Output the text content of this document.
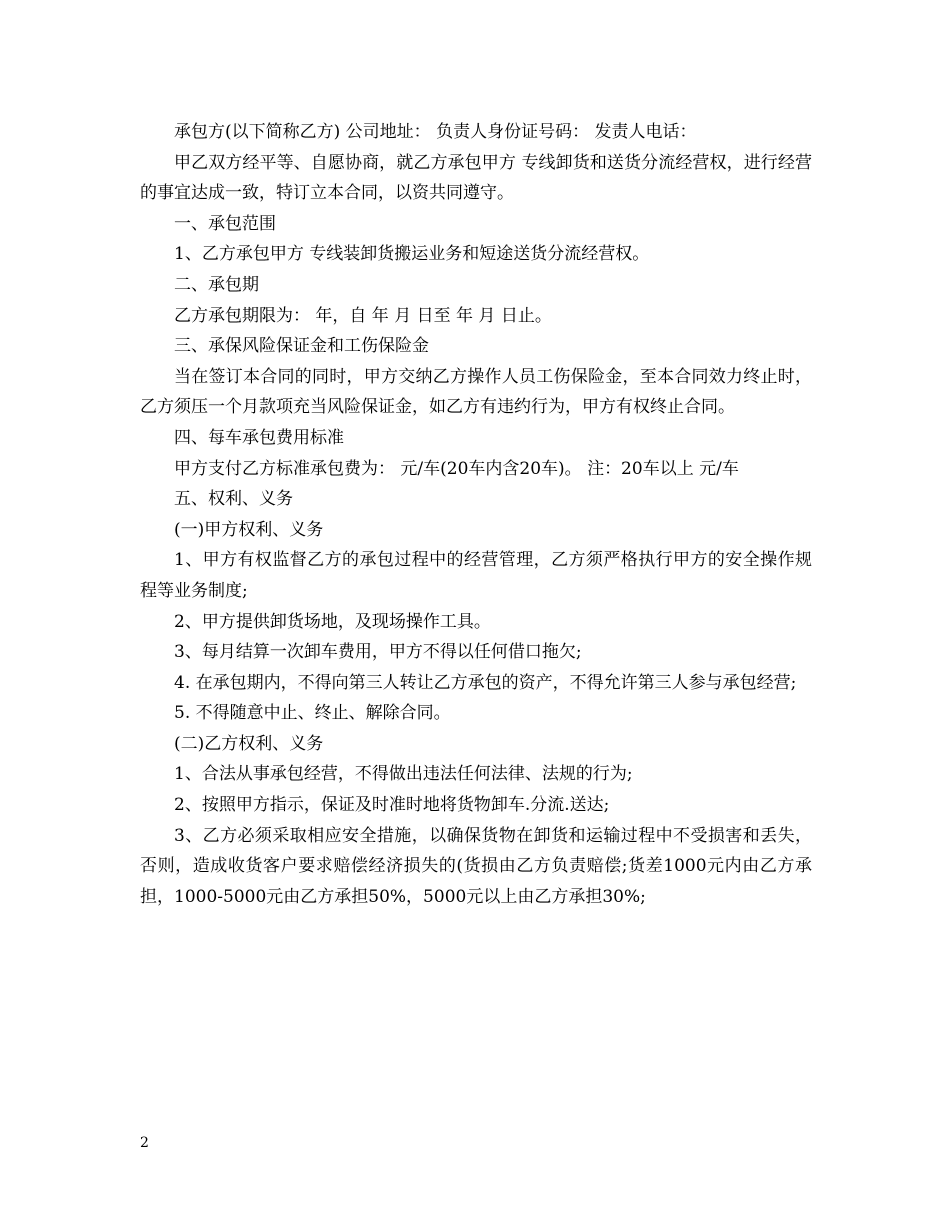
承包方(以下简称乙方) 公司地址： 负责人身份证号码： 发责人电话：

甲乙双方经平等、自愿协商，就乙方承包甲方 专线卸货和送货分流经营权，进行经营的事宜达成一致，特订立本合同，以资共同遵守。

一、承包范围

1、乙方承包甲方 专线装卸货搬运业务和短途送货分流经营权。

二、承包期

乙方承包期限为： 年，自 年 月 日至 年 月 日止。

三、承保风险保证金和工伤保险金

当在签订本合同的同时，甲方交纳乙方操作人员工伤保险金，至本合同效力终止时，乙方须压一个月款项充当风险保证金，如乙方有违约行为，甲方有权终止合同。

四、每车承包费用标准

甲方支付乙方标准承包费为： 元/车(20车内含20车)。 注：20车以上 元/车

五、权利、义务

(一)甲方权利、义务

1、甲方有权监督乙方的承包过程中的经营管理，乙方须严格执行甲方的安全操作规程等业务制度;

2、甲方提供卸货场地，及现场操作工具。

3、每月结算一次卸车费用，甲方不得以任何借口拖欠;

4. 在承包期内，不得向第三人转让乙方承包的资产，不得允许第三人参与承包经营;

5. 不得随意中止、终止、解除合同。

(二)乙方权利、义务

1、合法从事承包经营，不得做出违法任何法律、法规的行为;

2、按照甲方指示，保证及时准时地将货物卸车.分流.送达;

3、乙方必须采取相应安全措施，以确保货物在卸货和运输过程中不受损害和丢失，否则，造成收货客户要求赔偿经济损失的(货损由乙方负责赔偿;货差1000元内由乙方承担，1000-5000元由乙方承担50%，5000元以上由乙方承担30%;

2
